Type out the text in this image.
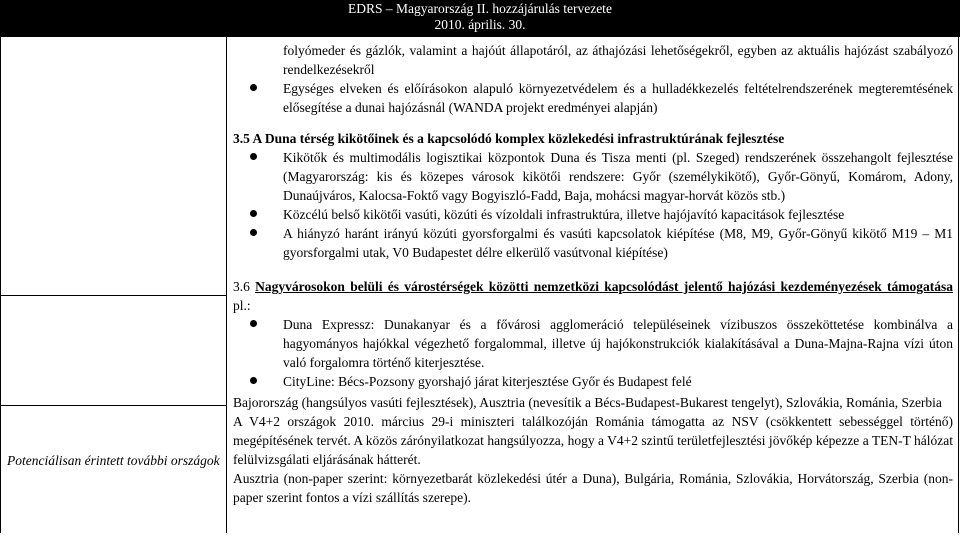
EDRS – Magyarország II. hozzájárulás tervezete
2010. április. 30.
Potenciálisan érintett további országok
folyómeder és gázlók, valamint a hajóút állapotáról, az áthajózási lehetőségekről, egyben az aktuális hajózást szabályozó rendelkezésekről
Egységes elveken és előírásokon alapuló környezetvédelem és a hulladékkezelés feltételrendszerének megteremtésének elősegítése a dunai hajózásnál (WANDA projekt eredményei alapján)
3.5 A Duna térség kikötőinek és a kapcsolódó komplex közlekedési infrastruktúrának fejlesztése
Kikötők és multimodális logisztikai központok Duna és Tisza menti (pl. Szeged) rendszerének összehangolt fejlesztése (Magyarország: kis és közepes városok kikötői rendszere: Győr (személykikötő), Győr-Gönyű, Komárom, Adony, Dunaújváros, Kalocsa-Foktő vagy Bogyiszló-Fadd, Baja, mohácsi magyar-horvát közös stb.)
Közcélú belső kikötői vasúti, közúti és vízoldali infrastruktúra, illetve hajójavító kapacitások fejlesztése
A hiányzó haránt irányú közúti gyorsforgalmi és vasúti kapcsolatok kiépítése (M8, M9, Győr-Gönyű kikötő M19 – M1 gyorsforgalmi utak, V0 Budapestet délre elkerülő vasútvonal kiépítése)
3.6 Nagyvárosokon belüli és várostérségek közötti nemzetközi kapcsolódást jelentő hajózási kezdeményezések támogatása pl.:
Duna Expressz: Dunakanyar és a fővárosi agglomeráció településeinek vízibuszos összeköttetése kombinálva a hagyományos hajókkal végezhető forgalommal, illetve új hajókonstrukciók kialakításával a Duna-Majna-Rajna vízi úton való forgalomra történő kiterjesztése.
CityLine: Bécs-Pozsony gyorshajó járat kiterjesztése Győr és Budapest felé
Bajorország (hangsúlyos vasúti fejlesztések), Ausztria (nevesítik a Bécs-Budapest-Bukarest tengelyt), Szlovákia, Románia, Szerbia
A V4+2 országok 2010. március 29-i miniszteri találkozóján Románia támogatta az NSV (csökkentett sebességgel történő) megépítésének tervét. A közös zárónyilatkozat hangsúlyozza, hogy a V4+2 szintű területfejlesztési jövőkép képezze a TEN-T hálózat felülvizsgálati eljárásának hátterét.
Ausztria (non-paper szerint: környezetbarát közlekedési útér a Duna), Bulgária, Románia, Szlovákia, Horvátország, Szerbia (non-paper szerint fontos a vízi szállítás szerepe).
